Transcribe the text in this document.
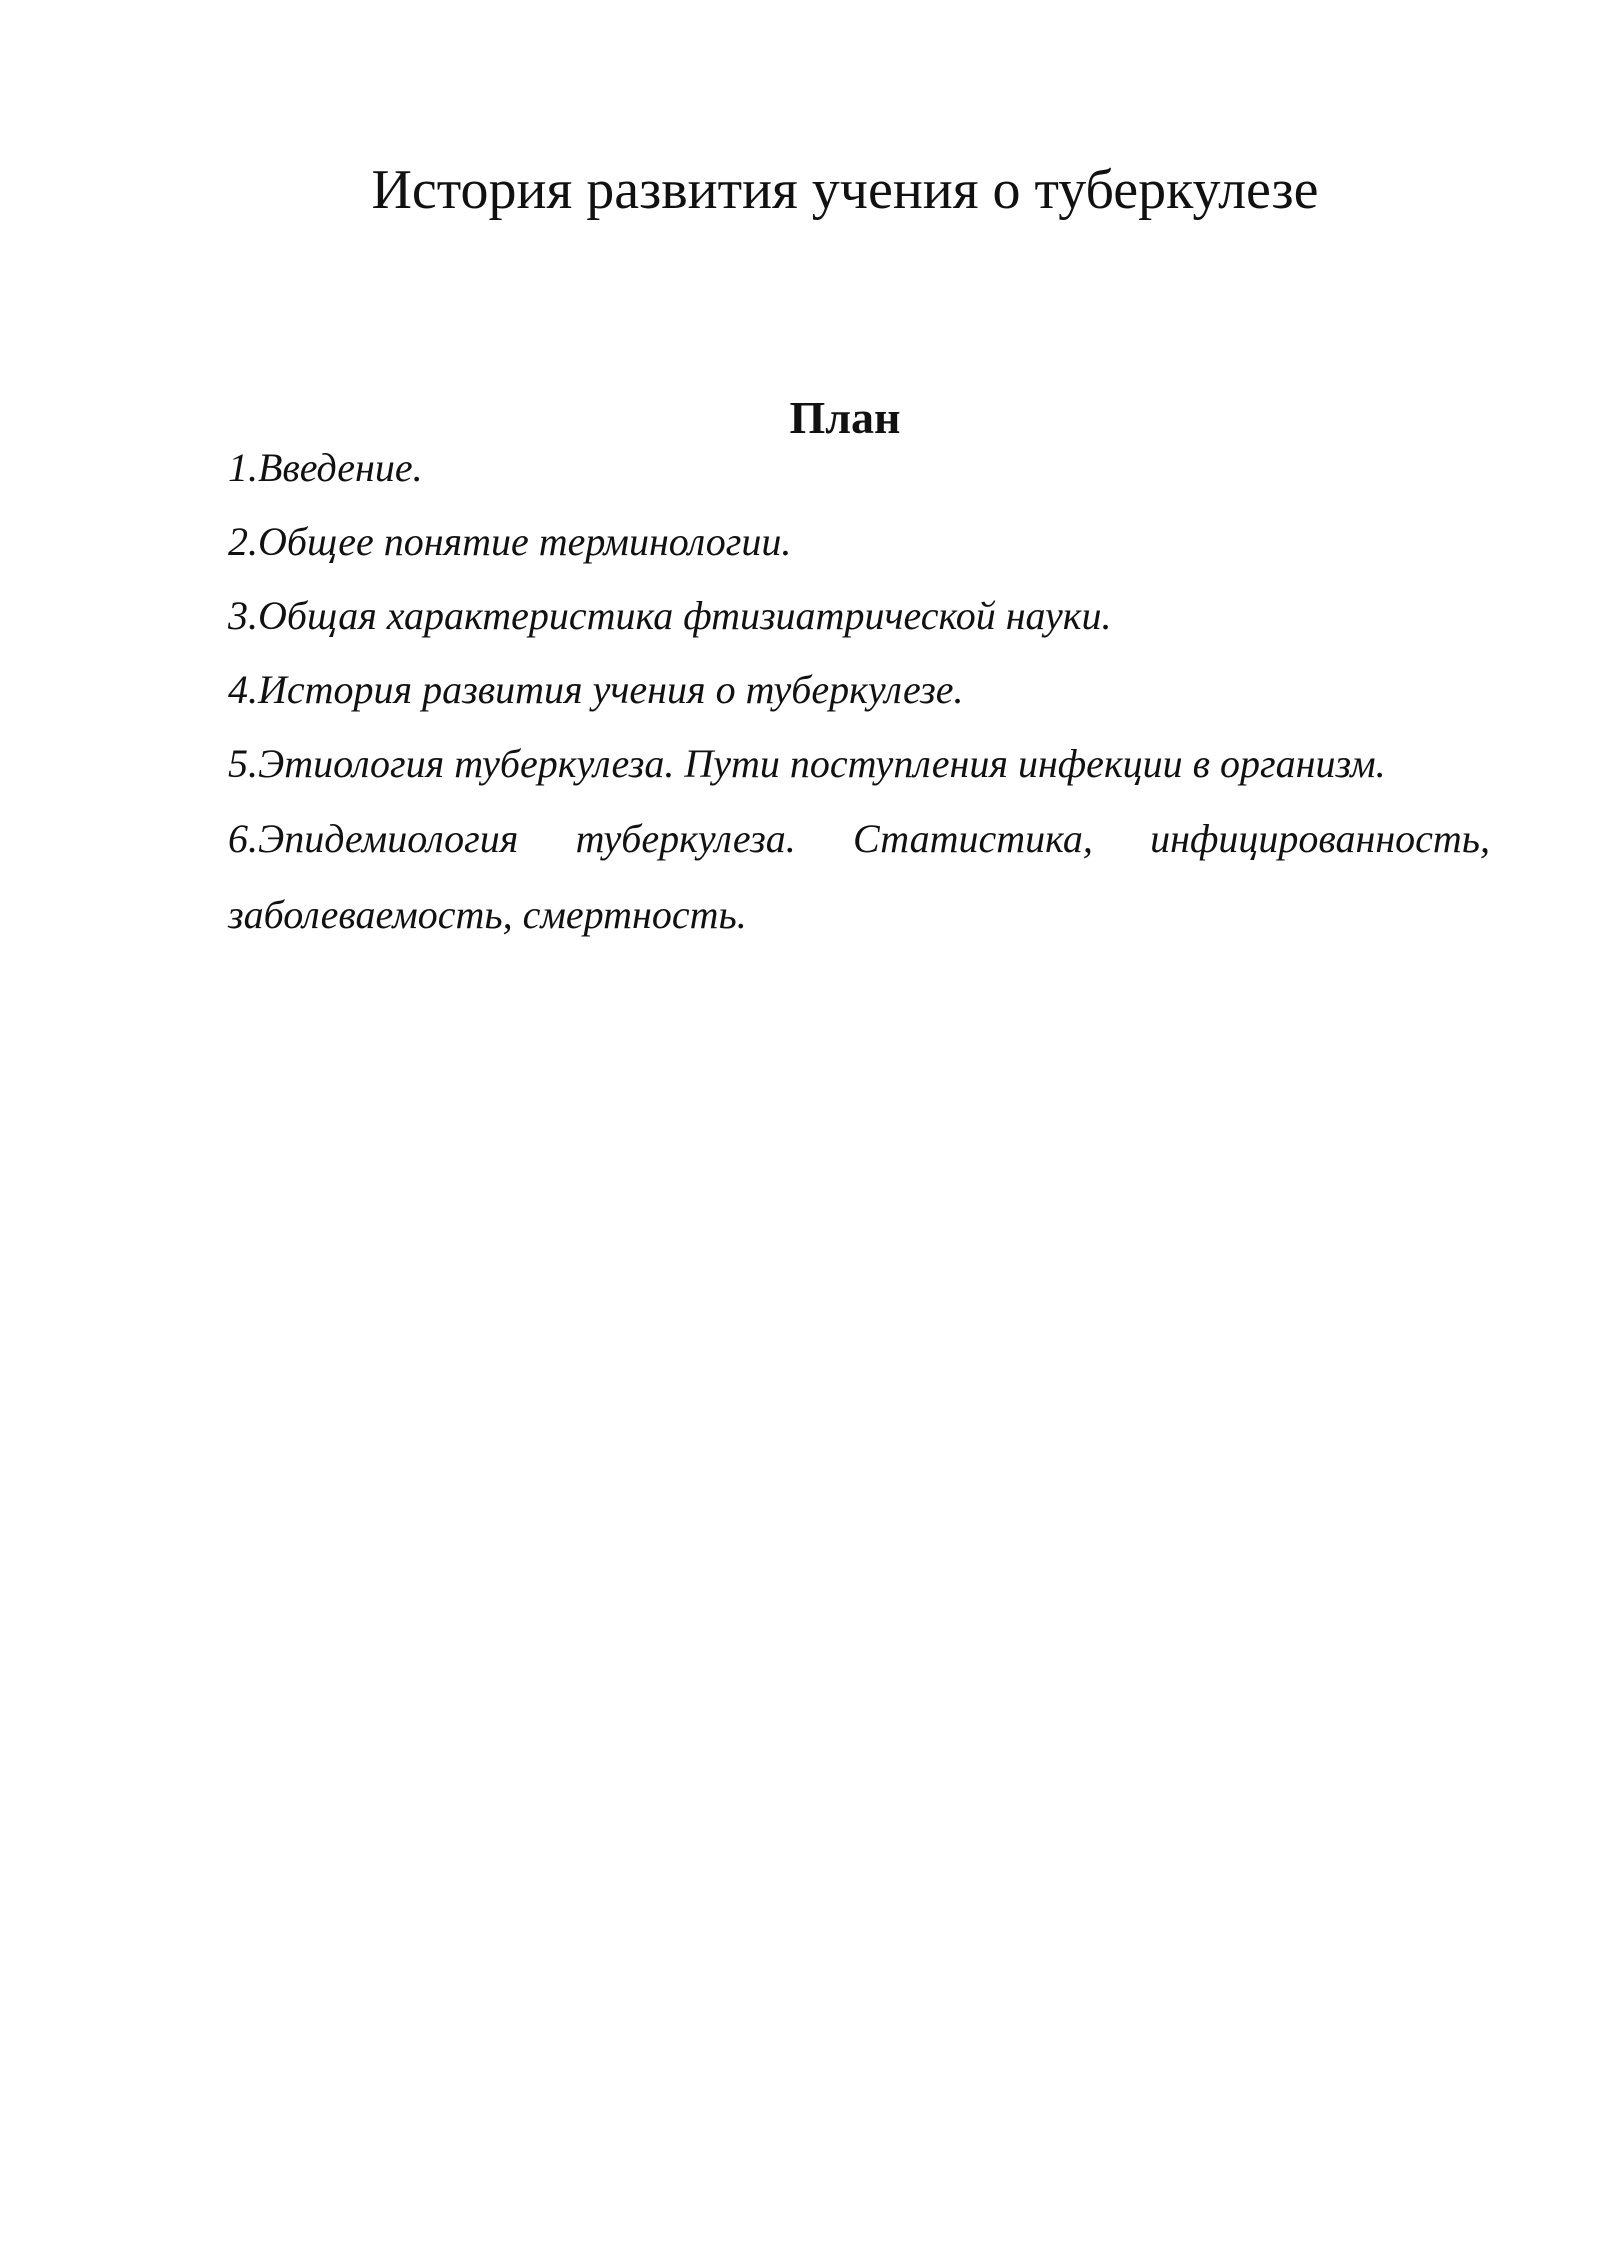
История развития учения о туберкулезе
План
1.Введение.
2.Общее понятие терминологии.
3.Общая характеристика фтизиатрической науки.
4.История развития учения о туберкулезе.
5.Этиология туберкулеза. Пути поступления инфекции в организм.
6.Эпидемиология туберкулеза. Статистика, инфицированность, заболеваемость, смертность.
